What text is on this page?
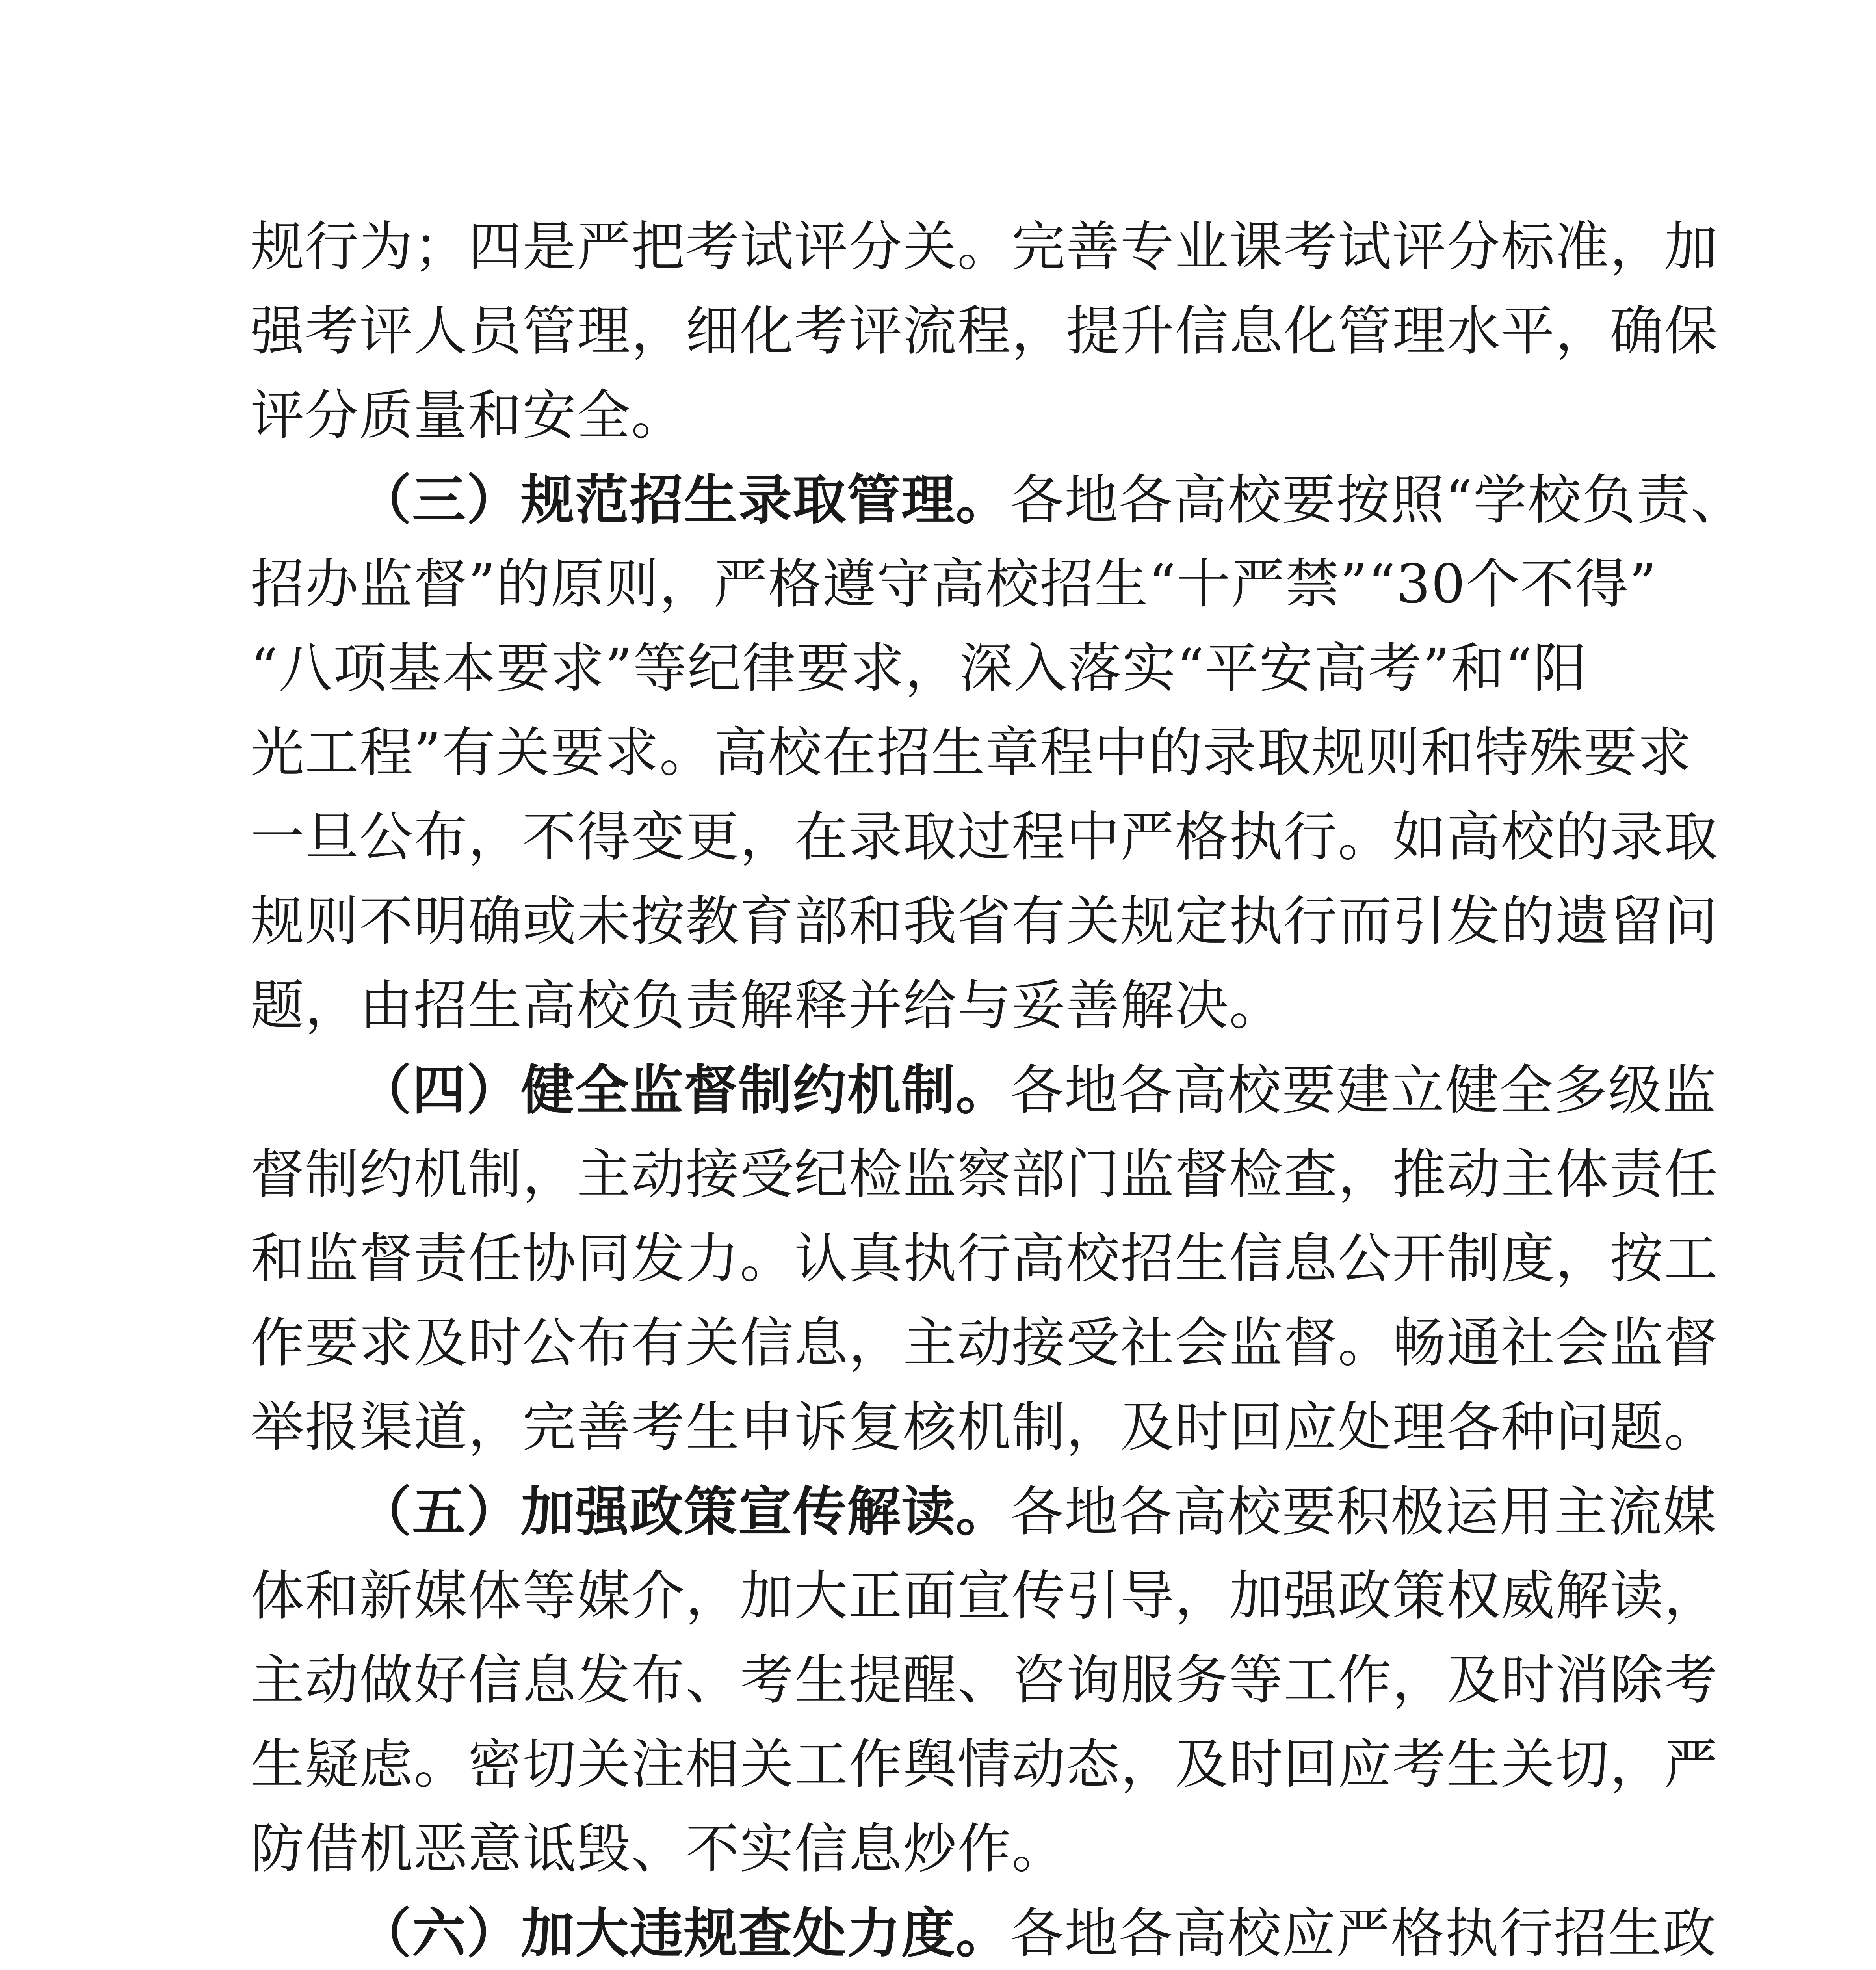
规行为；四是严把考试评分关。完善专业课考试评分标准，加
强考评人员管理，细化考评流程，提升信息化管理水平，确保
评分质量和安全。
（三）规范招生录取管理。各地各高校要按照“学校负责、
招办监督”的原则，严格遵守高校招生“十严禁”“30个不得”
“八项基本要求”等纪律要求，深入落实“平安高考”和“阳
光工程”有关要求。高校在招生章程中的录取规则和特殊要求
一旦公布，不得变更，在录取过程中严格执行。如高校的录取
规则不明确或未按教育部和我省有关规定执行而引发的遗留问
题，由招生高校负责解释并给与妥善解决。
（四）健全监督制约机制。各地各高校要建立健全多级监
督制约机制，主动接受纪检监察部门监督检查，推动主体责任
和监督责任协同发力。认真执行高校招生信息公开制度，按工
作要求及时公布有关信息，主动接受社会监督。畅通社会监督
举报渠道，完善考生申诉复核机制，及时回应处理各种问题。
（五）加强政策宣传解读。各地各高校要积极运用主流媒
体和新媒体等媒介，加大正面宣传引导，加强政策权威解读，
主动做好信息发布、考生提醒、咨询服务等工作，及时消除考
生疑虑。密切关注相关工作舆情动态，及时回应考生关切，严
防借机恶意诋毁、不实信息炒作。
（六）加大违规查处力度。各地各高校应严格执行招生政
